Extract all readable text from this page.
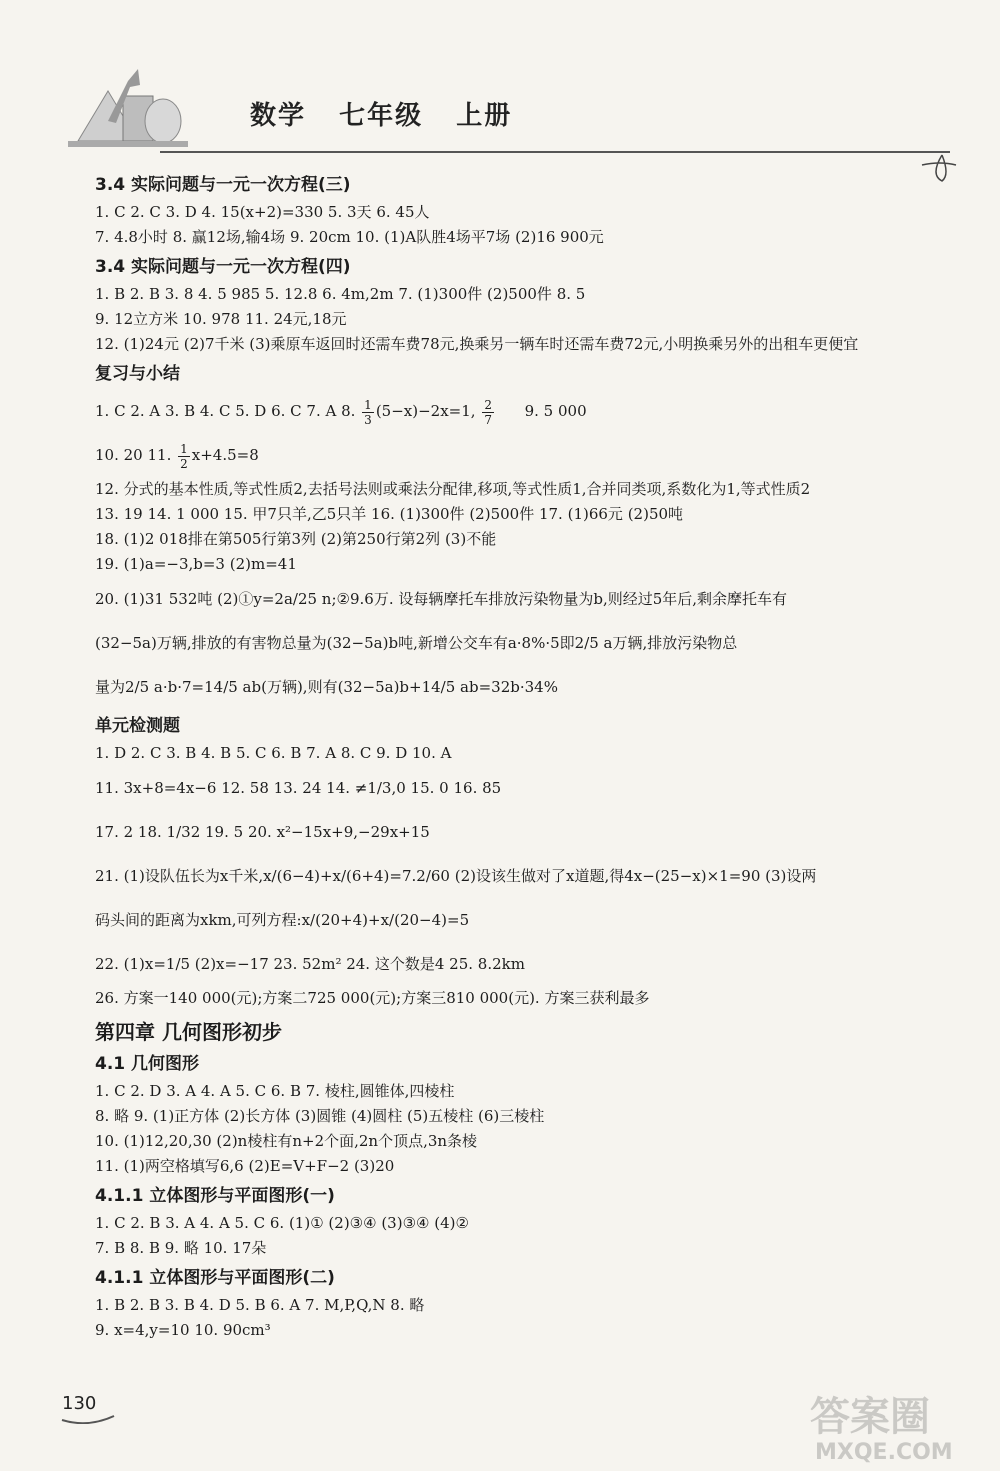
数学   七年级   上册
3.4 实际问题与一元一次方程(三)
1. C 2. C 3. D 4. 15(x+2)=330 5. 3天 6. 45人
7. 4.8小时 8. 赢12场,输4场 9. 20cm 10. (1)A队胜4场平7场 (2)16 900元
3.4 实际问题与一元一次方程(四)
1. B 2. B 3. 8 4. 5 985 5. 12.8 6. 4m,2m 7. (1)300件 (2)500件 8. 5
9. 12立方米 10. 978 11. 24元,18元
12. (1)24元 (2)7千米 (3)乘原车返回时还需车费78元,换乘另一辆车时还需车费72元,小明换乘另外的出租车更便宜
复习与小结
1. C 2. A 3. B 4. C 5. D 6. C 7. A 8. $\frac{1}{3} (5-x)-2x=1$, $\frac{2}{7} 9$. 5 000
10. 20 11. $\frac{1}{2} x+4.5=8$
12. 分式的基本性质,等式性质2,去括号法则或乘法分配律,移项,等式性质1,合并同类项,系数化为1,等式性质2
13. 19 14. 1 000 15. 甲7只羊,乙5只羊 16. (1)300件 (2)500件 17. (1)66元 (2)50吨
18. (1)2 018排在第505行第3列 (2)第250行第2列 (3)不能
19. (1)a=−3,b=3 (2)m=41
20. (1)31 532吨 (2)①y=2a/25 n;②9.6万. 设每辆摩托车排放污染物量为b,则经过5年后,剩余摩托车有
(32−5a)万辆,排放的有害物总量为(32−5a)b吨,新增公交车有a·8%·5即2/5 a万辆,排放污染物总
量为2/5 a·b·7=14/5 ab(万辆),则有(32−5a)b+14/5 ab=32b·34%
单元检测题
1. D 2. C 3. B 4. B 5. C 6. B 7. A 8. C 9. D 10. A
11. 3x+8=4x−6 12. 58 13. 24 14. ≠1/3,0 15. 0 16. 85
17. 2 18. 1/32 19. 5 20. x²−15x+9,−29x+15
21. (1)设队伍长为x千米,x/(6−4)+x/(6+4)=7.2/60 (2)设该生做对了x道题,得4x−(25−x)×1=90 (3)设两
码头间的距离为xkm,可列方程:x/(20+4)+x/(20−4)=5
22. (1)x=1/5 (2)x=−17 23. 52m² 24. 这个数是4 25. 8.2km
26. 方案一140 000(元);方案二725 000(元);方案三810 000(元). 方案三获利最多
第四章 几何图形初步
4.1 几何图形
1. C 2. D 3. A 4. A 5. C 6. B 7. 棱柱,圆锥体,四棱柱
8. 略 9. (1)正方体 (2)长方体 (3)圆锥 (4)圆柱 (5)五棱柱 (6)三棱柱
10. (1)12,20,30 (2)n棱柱有n+2个面,2n个顶点,3n条棱
11. (1)两空格填写6,6 (2)E=V+F−2 (3)20
4.1.1 立体图形与平面图形(一)
1. C 2. B 3. A 4. A 5. C 6. (1)① (2)③④ (3)③④ (4)②
7. B 8. B 9. 略 10. 17朵
4.1.1 立体图形与平面图形(二)
1. B 2. B 3. B 4. D 5. B 6. A 7. M,P,Q,N 8. 略
9. x=4,y=10 10. 90cm³
130	答案圈
MXQE.COM
